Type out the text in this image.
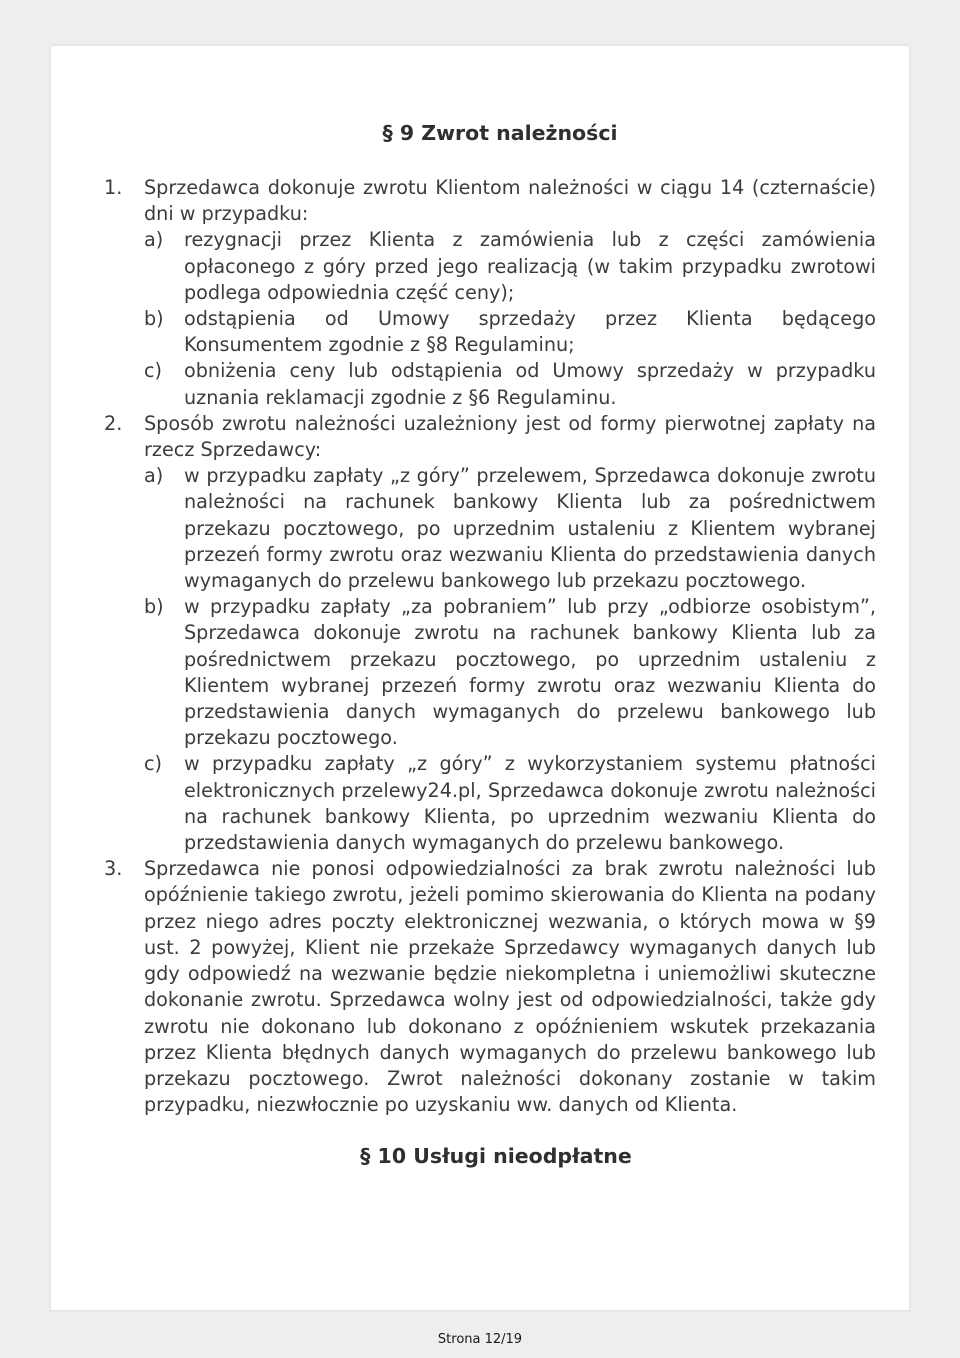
§ 9 Zwrot należności
1.	Sprzedawca dokonuje zwrotu Klientom należności w ciągu 14 (czternaście) dni w przypadku:
a)	rezygnacji przez Klienta z zamówienia lub z części zamówienia opłaconego z góry przed jego realizacją (w takim przypadku zwrotowi podlega odpowiednia część ceny);
b)	odstąpienia od Umowy sprzedaży przez Klienta będącego Konsumentem zgodnie z §8 Regulaminu;
c)	obniżenia ceny lub odstąpienia od Umowy sprzedaży w przypadku uznania reklamacji zgodnie z §6 Regulaminu.
2.	Sposób zwrotu należności uzależniony jest od formy pierwotnej zapłaty na rzecz Sprzedawcy:
a)	w przypadku zapłaty „z góry” przelewem, Sprzedawca dokonuje zwrotu należności na rachunek bankowy Klienta lub za pośrednictwem przekazu pocztowego, po uprzednim ustaleniu z Klientem wybranej przezeń formy zwrotu oraz wezwaniu Klienta do przedstawienia danych wymaganych do przelewu bankowego lub przekazu pocztowego.
b)	w przypadku zapłaty „za pobraniem” lub przy „odbiorze osobistym”, Sprzedawca dokonuje zwrotu na rachunek bankowy Klienta lub za pośrednictwem przekazu pocztowego, po uprzednim ustaleniu z Klientem wybranej przezeń formy zwrotu oraz wezwaniu Klienta do przedstawienia danych wymaganych do przelewu bankowego lub przekazu pocztowego.
c)	w przypadku zapłaty „z góry” z wykorzystaniem systemu płatności elektronicznych przelewy24.pl, Sprzedawca dokonuje zwrotu należności na rachunek bankowy Klienta, po uprzednim wezwaniu Klienta do przedstawienia danych wymaganych do przelewu bankowego.
3.	Sprzedawca nie ponosi odpowiedzialności za brak zwrotu należności lub opóźnienie takiego zwrotu, jeżeli pomimo skierowania do Klienta na podany przez niego adres poczty elektronicznej wezwania, o których mowa w §9 ust. 2 powyżej, Klient nie przekaże Sprzedawcy wymaganych danych lub gdy odpowiedź na wezwanie będzie niekompletna i uniemożliwi skuteczne dokonanie zwrotu. Sprzedawca wolny jest od odpowiedzialności, także gdy zwrotu nie dokonano lub dokonano z opóźnieniem wskutek przekazania przez Klienta błędnych danych wymaganych do przelewu bankowego lub przekazu pocztowego. Zwrot należności dokonany zostanie w takim przypadku, niezwłocznie po uzyskaniu ww. danych od Klienta.
§ 10 Usługi nieodpłatne
Strona 12/19
